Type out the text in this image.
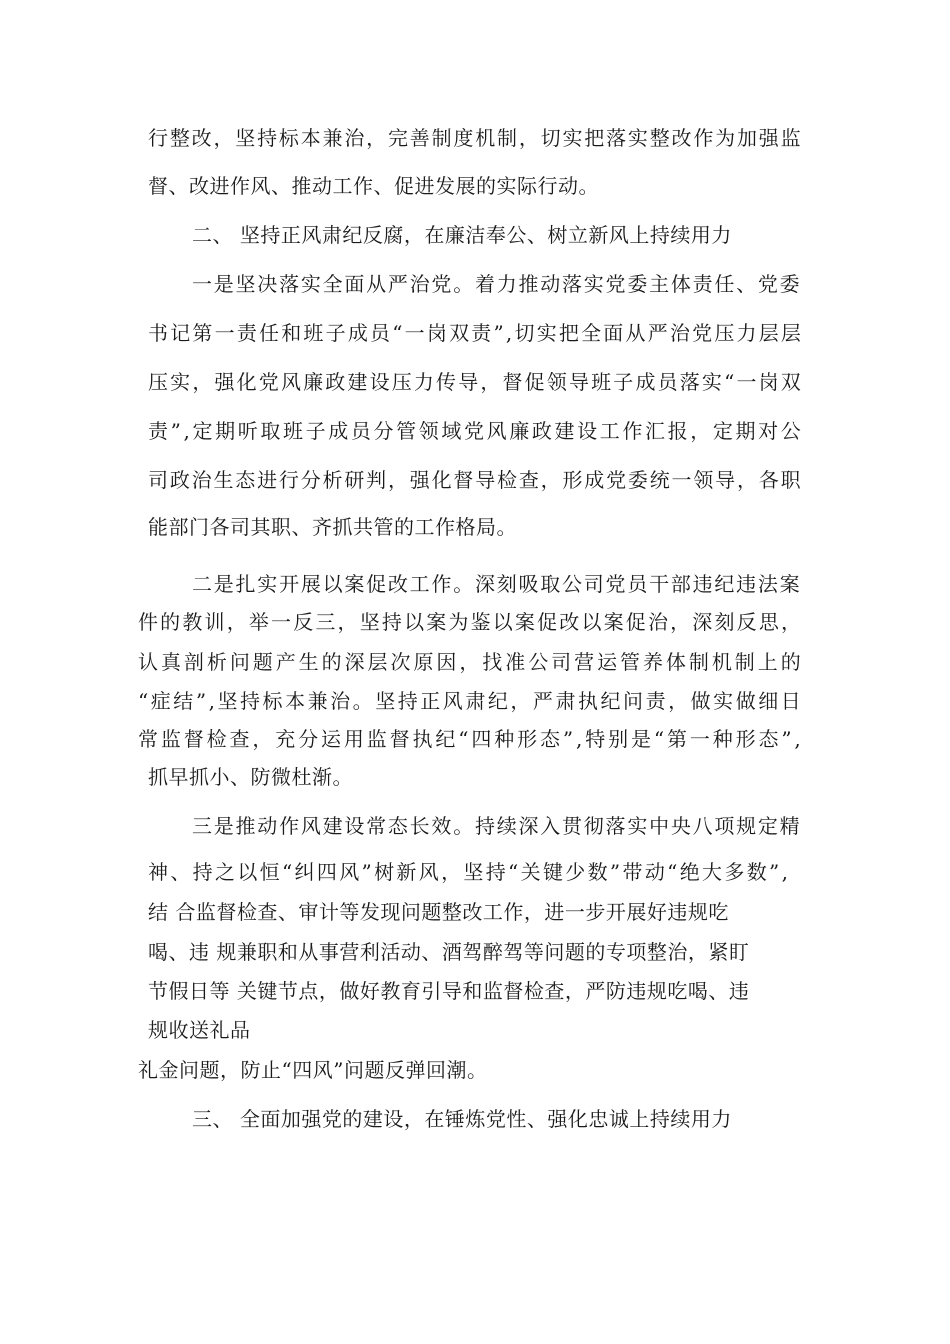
行 整 改 ， 坚 持 标 本 兼 治 ， 完 善 制 度 机 制 ， 切 实 把 落 实 整 改 作 为 加 强 监
督、改进作风、推动工作、促进发展的实际行动。
二、 坚持正风肃纪反腐，在廉洁奉公、树立新风上持续用力
一 是 坚 决 落 实 全 面 从 严 治 党 。 着 力 推 动 落 实 党 委 主 体 责 任 、 党 委
书 记 第 一 责 任 和 班 子 成 员 “ 一 岗 双 责 ” , 切 实 把 全 面 从 严 治 党 压 力 层 层
压 实 ， 强 化 党 风 廉 政 建 设 压 力 传 导 ， 督 促 领 导 班 子 成 员 落 实 “ 一 岗 双
责 ” , 定 期 听 取 班 子 成 员 分 管 领 域 党 风 廉 政 建 设 工 作 汇 报 ， 定 期 对 公
司 政 治 生 态 进 行 分 析 研 判 ， 强 化 督 导 检 查 ， 形 成 党 委 统 一 领 导 ， 各 职
能部门各司其职、齐抓共管的工作格局。
二 是 扎 实 开 展 以 案 促 改 工 作 。 深 刻 吸 取 公 司 党 员 干 部 违 纪 违 法 案
件 的 教 训 ， 举 一 反 三 ， 坚 持 以 案 为 鉴 以 案 促 改 以 案 促 治 ， 深 刻 反 思 ，
认 真 剖 析 问 题 产 生 的 深 层 次 原 因 ， 找 准 公 司 营 运 管 养 体 制 机 制 上 的
“ 症 结 ” , 坚 持 标 本 兼 治 。 坚 持 正 风 肃 纪 ， 严 肃 执 纪 问 责 ， 做 实 做 细 日
常 监 督 检 查 ， 充 分 运 用 监 督 执 纪 “ 四 种 形 态 ” , 特 别 是 “ 第 一 种 形 态 ” ,
抓早抓小、防微杜渐。
三 是 推 动 作 风 建 设 常 态 长 效 。 持 续 深 入 贯 彻 落 实 中 央 八 项 规 定 精
神 、 持 之 以 恒 “ 纠 四 风 ” 树 新 风 ， 坚 持 “ 关 键 少 数 ” 带 动 “ 绝 大 多 数 ” ,
结 合监督检查、审计等发现问题整改工作，进一步开展好违规吃
喝、违 规兼职和从事营利活动、酒驾醉驾等问题的专项整治，紧盯
节假日等 关键节点，做好教育引导和监督检查，严防违规吃喝、违
规收送礼品
礼金问题，防止“四风”问题反弹回潮。
三、 全面加强党的建设，在锤炼党性、强化忠诚上持续用力
